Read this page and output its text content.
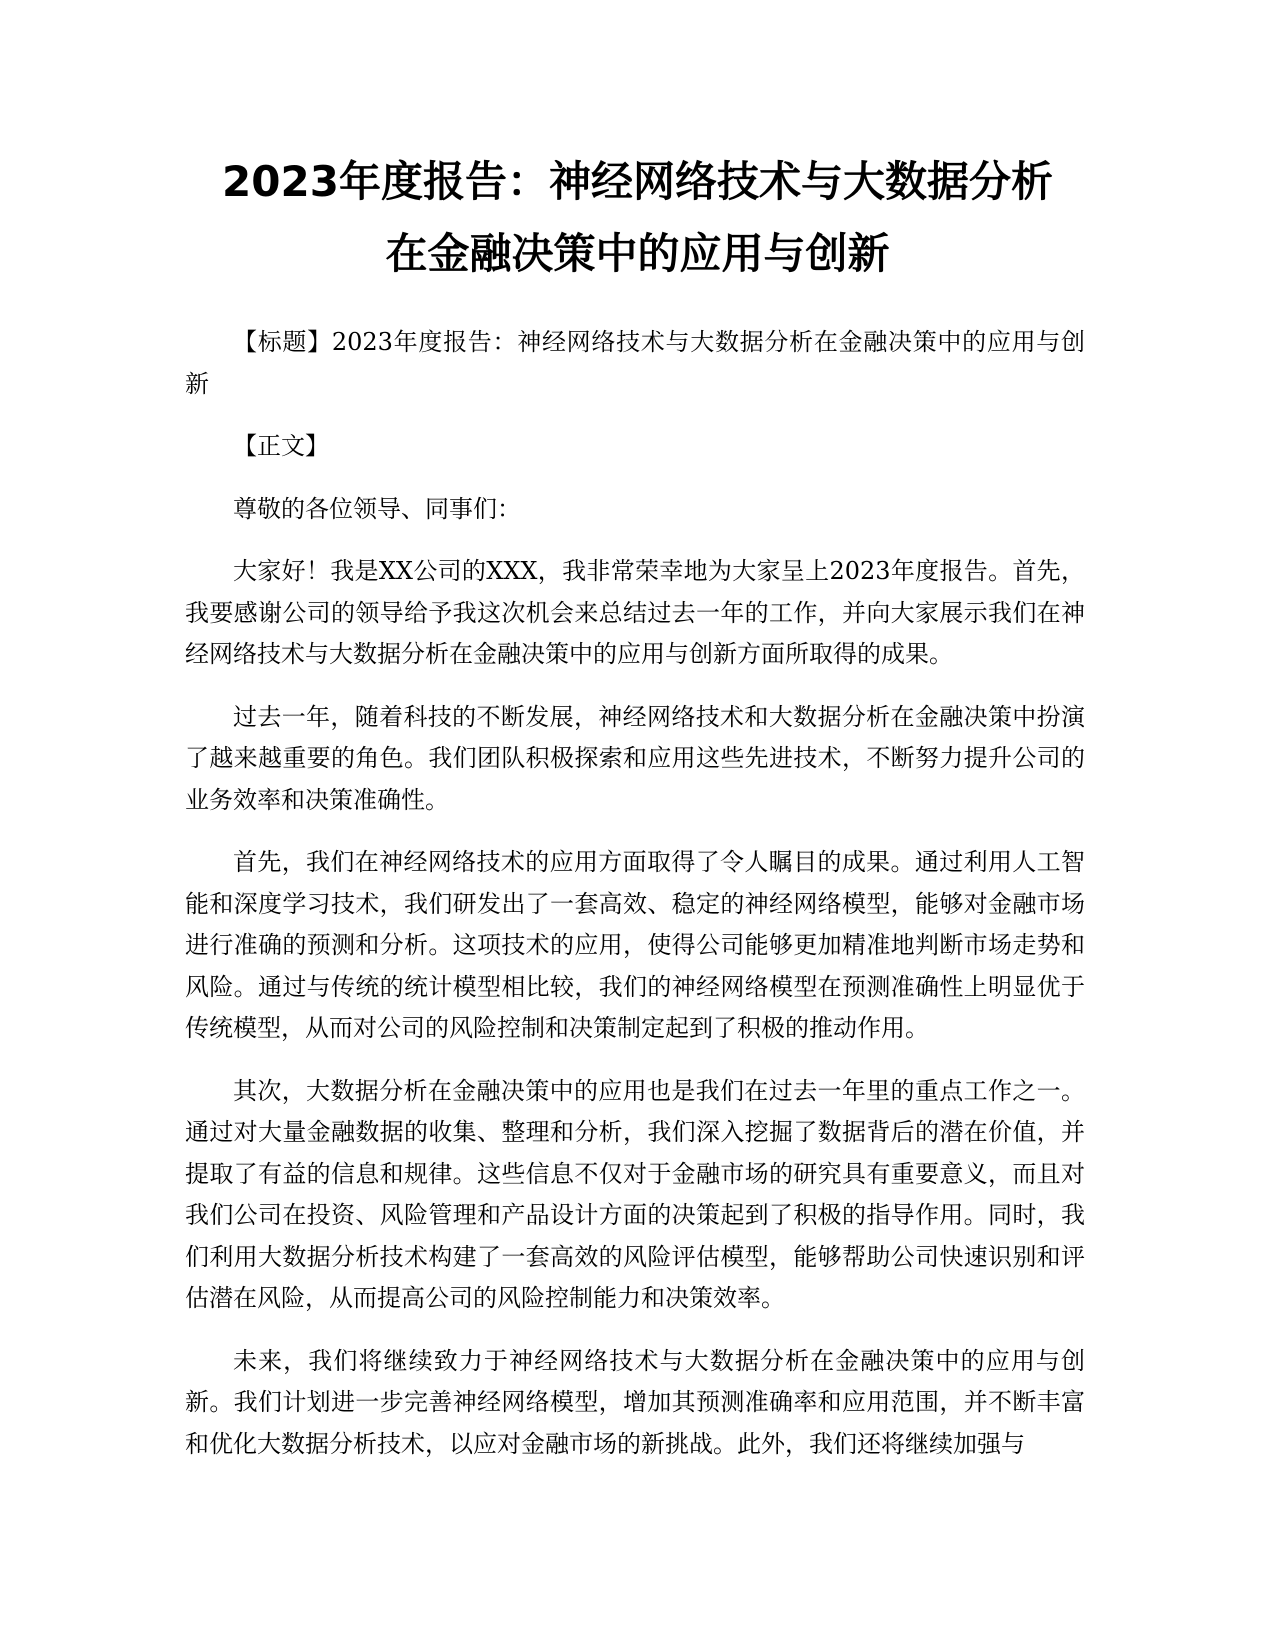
2023年度报告：神经网络技术与大数据分析
在金融决策中的应用与创新

【标题】2023年度报告：神经网络技术与大数据分析在金融决策中的应用与创新

【正文】

尊敬的各位领导、同事们：

大家好！我是XX公司的XXX，我非常荣幸地为大家呈上2023年度报告。首先，我要感谢公司的领导给予我这次机会来总结过去一年的工作，并向大家展示我们在神经网络技术与大数据分析在金融决策中的应用与创新方面所取得的成果。

过去一年，随着科技的不断发展，神经网络技术和大数据分析在金融决策中扮演了越来越重要的角色。我们团队积极探索和应用这些先进技术，不断努力提升公司的业务效率和决策准确性。

首先，我们在神经网络技术的应用方面取得了令人瞩目的成果。通过利用人工智能和深度学习技术，我们研发出了一套高效、稳定的神经网络模型，能够对金融市场进行准确的预测和分析。这项技术的应用，使得公司能够更加精准地判断市场走势和风险。通过与传统的统计模型相比较，我们的神经网络模型在预测准确性上明显优于传统模型，从而对公司的风险控制和决策制定起到了积极的推动作用。

其次，大数据分析在金融决策中的应用也是我们在过去一年里的重点工作之一。通过对大量金融数据的收集、整理和分析，我们深入挖掘了数据背后的潜在价值，并提取了有益的信息和规律。这些信息不仅对于金融市场的研究具有重要意义，而且对我们公司在投资、风险管理和产品设计方面的决策起到了积极的指导作用。同时，我们利用大数据分析技术构建了一套高效的风险评估模型，能够帮助公司快速识别和评估潜在风险，从而提高公司的风险控制能力和决策效率。

未来，我们将继续致力于神经网络技术与大数据分析在金融决策中的应用与创新。我们计划进一步完善神经网络模型，增加其预测准确率和应用范围，并不断丰富和优化大数据分析技术，以应对金融市场的新挑战。此外，我们还将继续加强与
